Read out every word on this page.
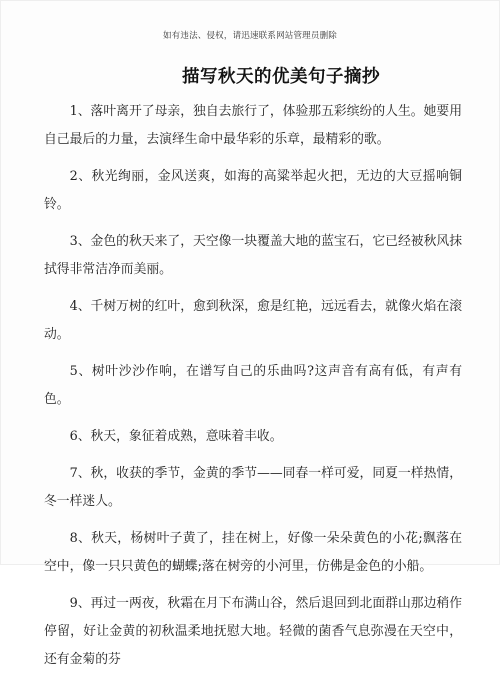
如有违法、侵权，请迅速联系网站管理员删除
描写秋天的优美句子摘抄

1、落叶离开了母亲，独自去旅行了，体验那五彩缤纷的人生。她要用自己最后的力量，去演绎生命中最华彩的乐章，最精彩的歌。

2、秋光绚丽，金风送爽，如海的高粱举起火把，无边的大豆摇响铜铃。

3、金色的秋天来了，天空像一块覆盖大地的蓝宝石，它已经被秋风抹拭得非常洁净而美丽。

4、千树万树的红叶，愈到秋深，愈是红艳，远远看去，就像火焰在滚动。

5、树叶沙沙作响，在谱写自己的乐曲吗?这声音有高有低，有声有色。

6、秋天，象征着成熟，意味着丰收。

7、秋，收获的季节，金黄的季节——同春一样可爱，同夏一样热情，冬一样迷人。

8、秋天，杨树叶子黄了，挂在树上，好像一朵朵黄色的小花;飘落在空中，像一只只黄色的蝴蝶;落在树旁的小河里，仿佛是金色的小船。

9、再过一两夜，秋霜在月下布满山谷，然后退回到北面群山那边稍作停留，好让金黄的初秋温柔地抚慰大地。轻微的菌香气息弥漫在天空中，还有金菊的芬
